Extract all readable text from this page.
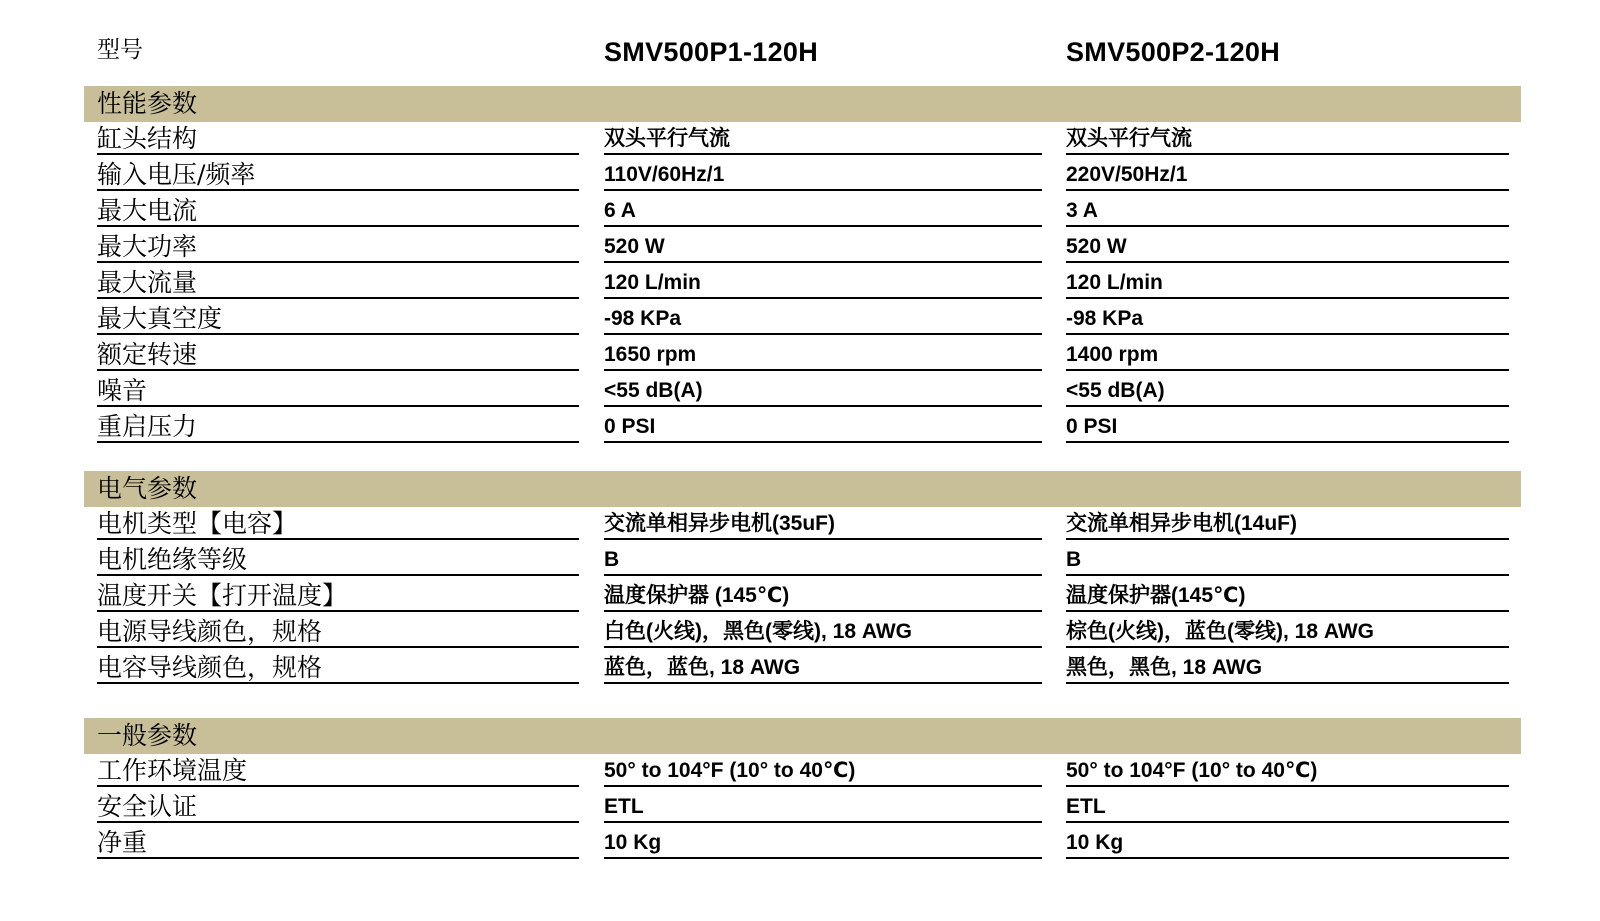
型号	SMV500P1-120H	SMV500P2-120H
性能参数
缸头结构	双头平行气流	双头平行气流
输入电压/频率	110V/60Hz/1	220V/50Hz/1
最大电流	6 A	3 A
最大功率	520 W	520 W
最大流量	120 L/min	120 L/min
最大真空度	-98 KPa	-98 KPa
额定转速	1650 rpm	1400 rpm
噪音	<55 dB(A)	<55 dB(A)
重启压力	0 PSI	0 PSI
电气参数
电机类型【电容】	交流单相异步电机(35uF)	交流单相异步电机(14uF)
电机绝缘等级	B	B
温度开关【打开温度】	温度保护器 (145℃)	温度保护器(145℃)
电源导线颜色，规格	白色(火线)，黑色(零线), 18 AWG	棕色(火线)，蓝色(零线), 18 AWG
电容导线颜色，规格	蓝色，蓝色, 18 AWG	黑色，黑色, 18 AWG
一般参数
工作环境温度	50° to 104°F (10° to 40℃)	50° to 104°F (10° to 40℃)
安全认证	ETL	ETL
净重	10 Kg	10 Kg
